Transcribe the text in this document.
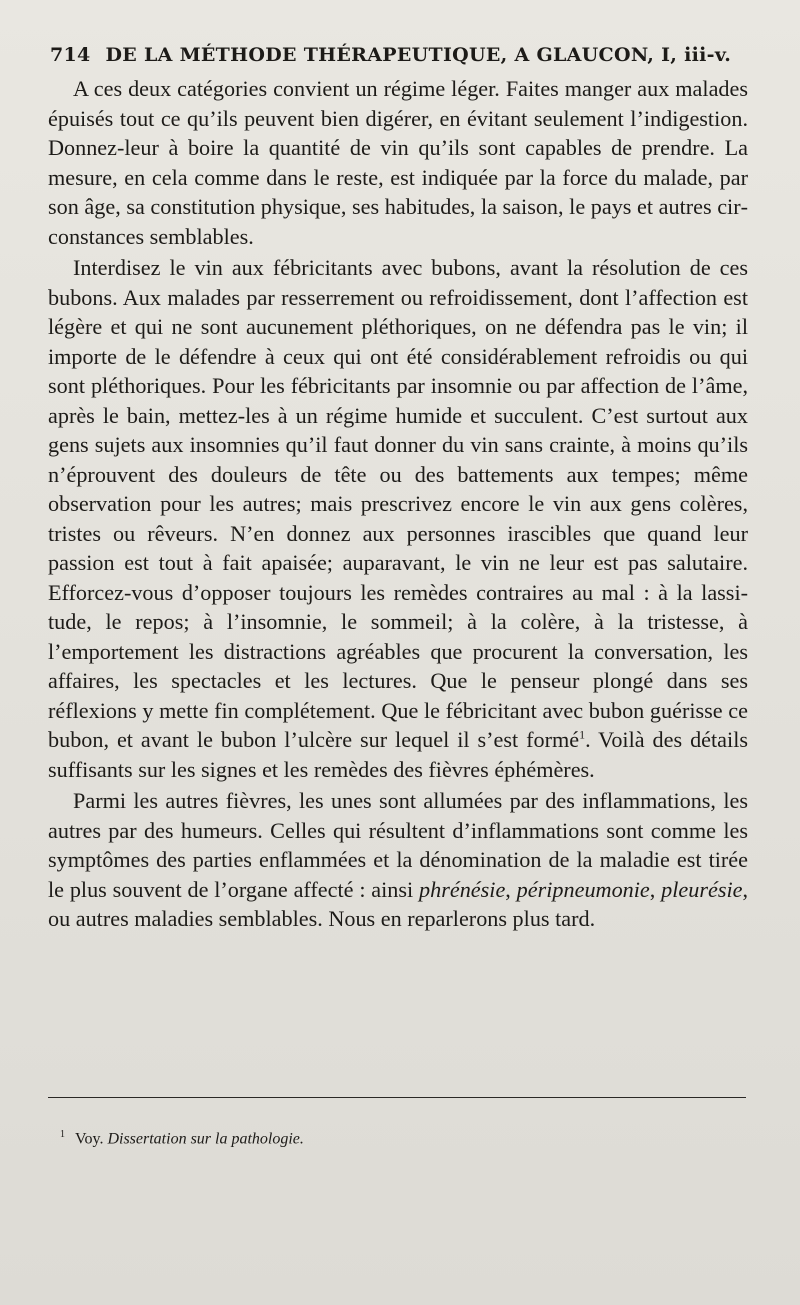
714 DE LA MÉTHODE THÉRAPEUTIQUE, A GLAUCON, I, iii-v.

A ces deux catégories convient un régime léger. Faites manger aux malades épuisés tout ce qu’ils peuvent bien digérer, en évitant seulement l’indigestion. Donnez-leur à boire la quantité de vin qu’ils sont capables de prendre. La mesure, en cela comme dans le reste, est indiquée par la force du malade, par son âge, sa constitution physique, ses habitudes, la saison, le pays et autres circonstances semblables.

Interdisez le vin aux fébricitants avec bubons, avant la résolution de ces bubons. Aux malades par resserrement ou refroidissement, dont l’affection est légère et qui ne sont aucunement pléthoriques, on ne défendra pas le vin; il importe de le défendre à ceux qui ont été considérablement refroidis ou qui sont pléthoriques. Pour les fébricitants par insomnie ou par affection de l’âme, après le bain, mettez-les à un régime humide et succulent. C’est surtout aux gens sujets aux insomnies qu’il faut donner du vin sans crainte, à moins qu’ils n’éprouvent des douleurs de tête ou des battements aux tempes; même observation pour les autres; mais prescrivez encore le vin aux gens colères, tristes ou rêveurs. N’en donnez aux personnes irascibles que quand leur passion est tout à fait apaisée; auparavant, le vin ne leur est pas salutaire. Efforcez-vous d’opposer toujours les remèdes contraires au mal : à la lassitude, le repos; à l’insomnie, le sommeil; à la colère, à la tristesse, à l’emportement les distractions agréables que procurent la conversation, les affaires, les spectacles et les lectures. Que le penseur plongé dans ses réflexions y mette fin complétement. Que le fébricitant avec bubon guérisse ce bubon, et avant le bubon l’ulcère sur lequel il s’est formé$^1$. Voilà des détails suffisants sur les signes et les remèdes des fièvres éphémères.

Parmi les autres fièvres, les unes sont allumées par des inflammations, les autres par des humeurs. Celles qui résultent d’inflammations sont comme les symptômes des parties enflammées et la dénomination de la maladie est tirée le plus souvent de l’organe affecté : ainsi phrénésie, péripneumonie, pleurésie, ou autres maladies semblables. Nous en reparlerons plus tard.

$^1$ Voy. Dissertation sur la pathologie.
